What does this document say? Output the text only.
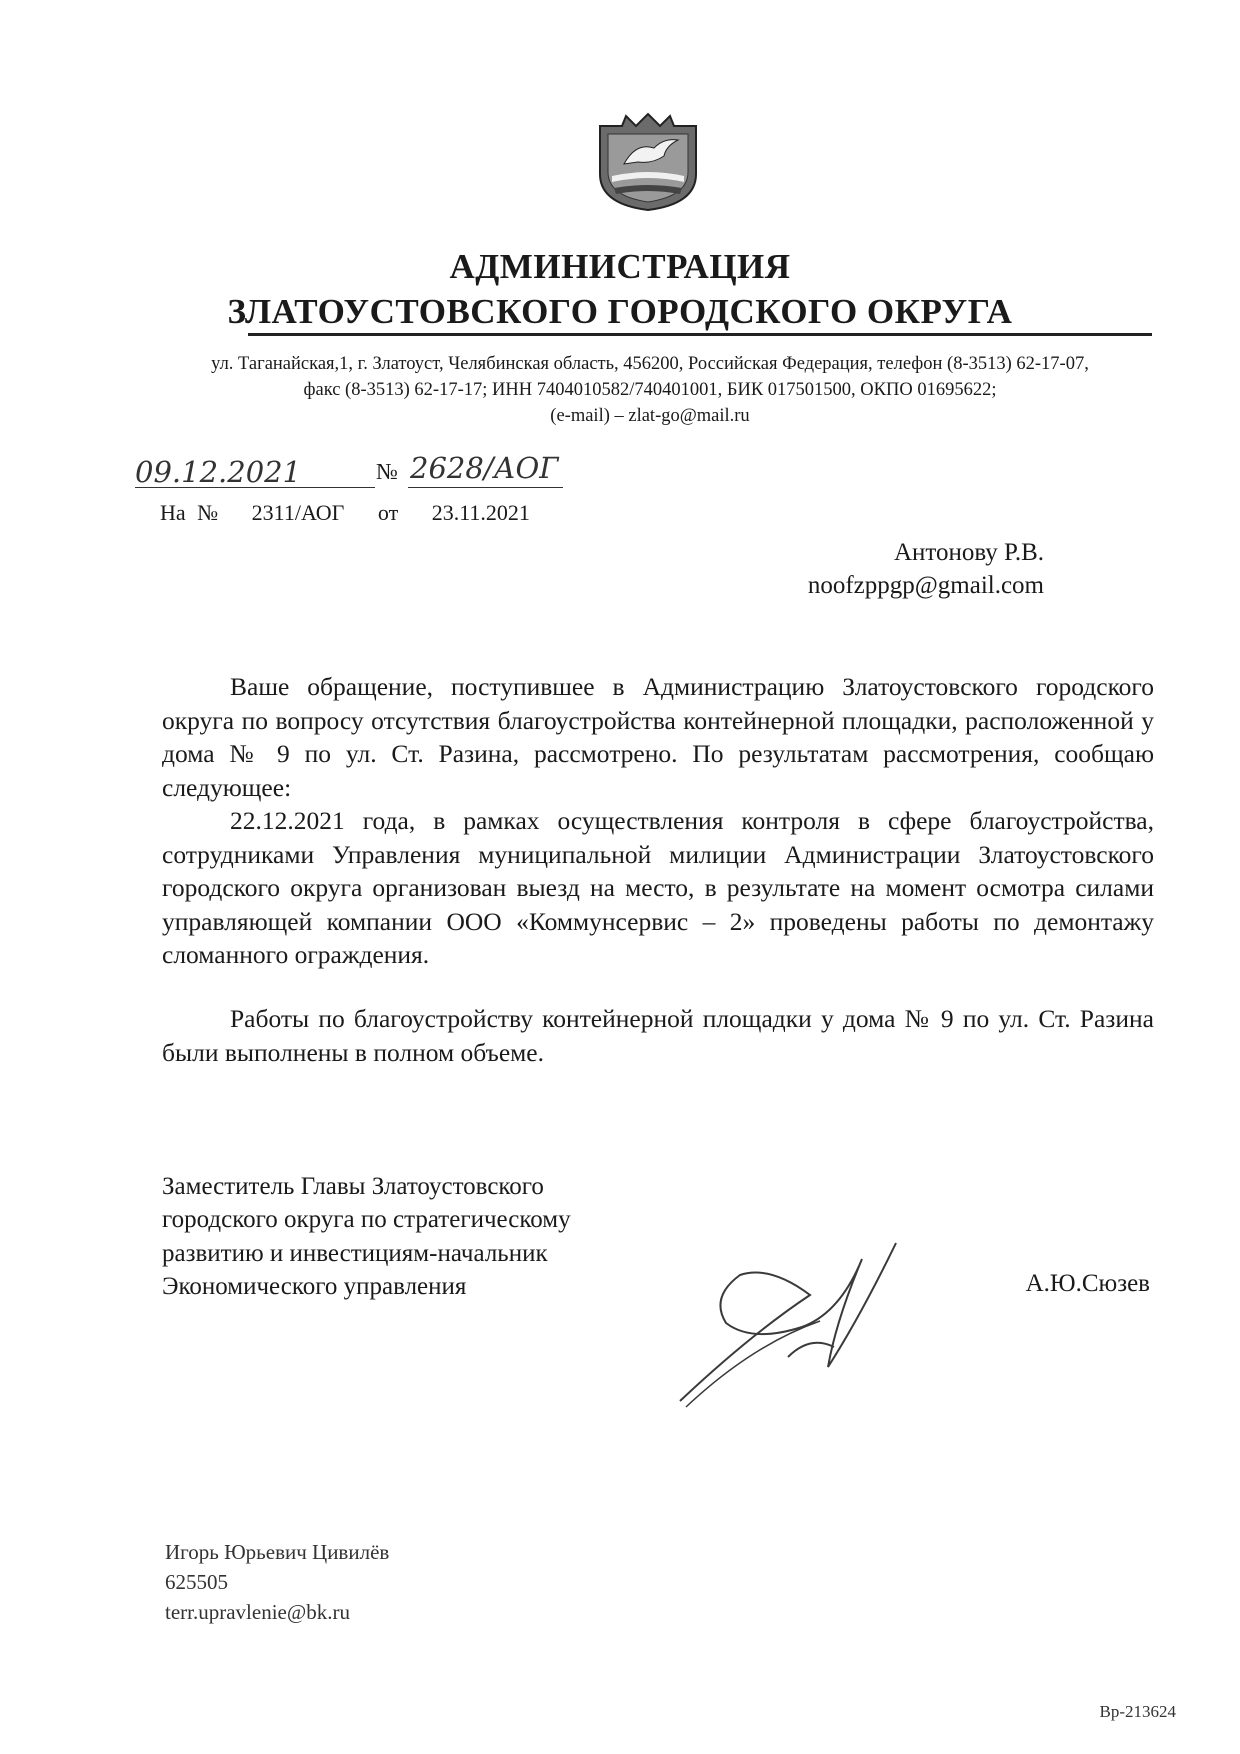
АДМИНИСТРАЦИЯ
ЗЛАТОУСТОВСКОГО ГОРОДСКОГО ОКРУГА
ул. Таганайская,1, г. Златоуст, Челябинская область, 456200, Российская Федерация, телефон (8-3513) 62-17-07,
факс (8-3513) 62-17-17; ИНН 7404010582/740401001, БИК 017501500, ОКПО 01695622;
(e-mail) – zlat-go@mail.ru
09.12.2021	№ 2628/АОГ
На № 2311/АОГ от 23.11.2021
Антонову Р.В.
noofzppgp@gmail.com
Ваше обращение, поступившее в Администрацию Златоустовского городского округа по вопросу отсутствия благоустройства контейнерной площадки, расположенной у дома № 9 по ул. Ст. Разина, рассмотрено. По результатам рассмотрения, сообщаю следующее:
22.12.2021 года, в рамках осуществления контроля в сфере благоустройства, сотрудниками Управления муниципальной милиции Администрации Златоустовского городского округа организован выезд на место, в результате на момент осмотра силами управляющей компании ООО «Коммунсервис – 2» проведены работы по демонтажу сломанного ограждения.
Работы по благоустройству контейнерной площадки у дома № 9 по ул. Ст. Разина были выполнены в полном объеме.
Заместитель Главы Златоустовского
городского округа по стратегическому
развитию и инвестициям-начальник
Экономического управления	А.Ю.Сюзев
Игорь Юрьевич Цивилёв
625505
terr.upravlenie@bk.ru
Вр-213624
